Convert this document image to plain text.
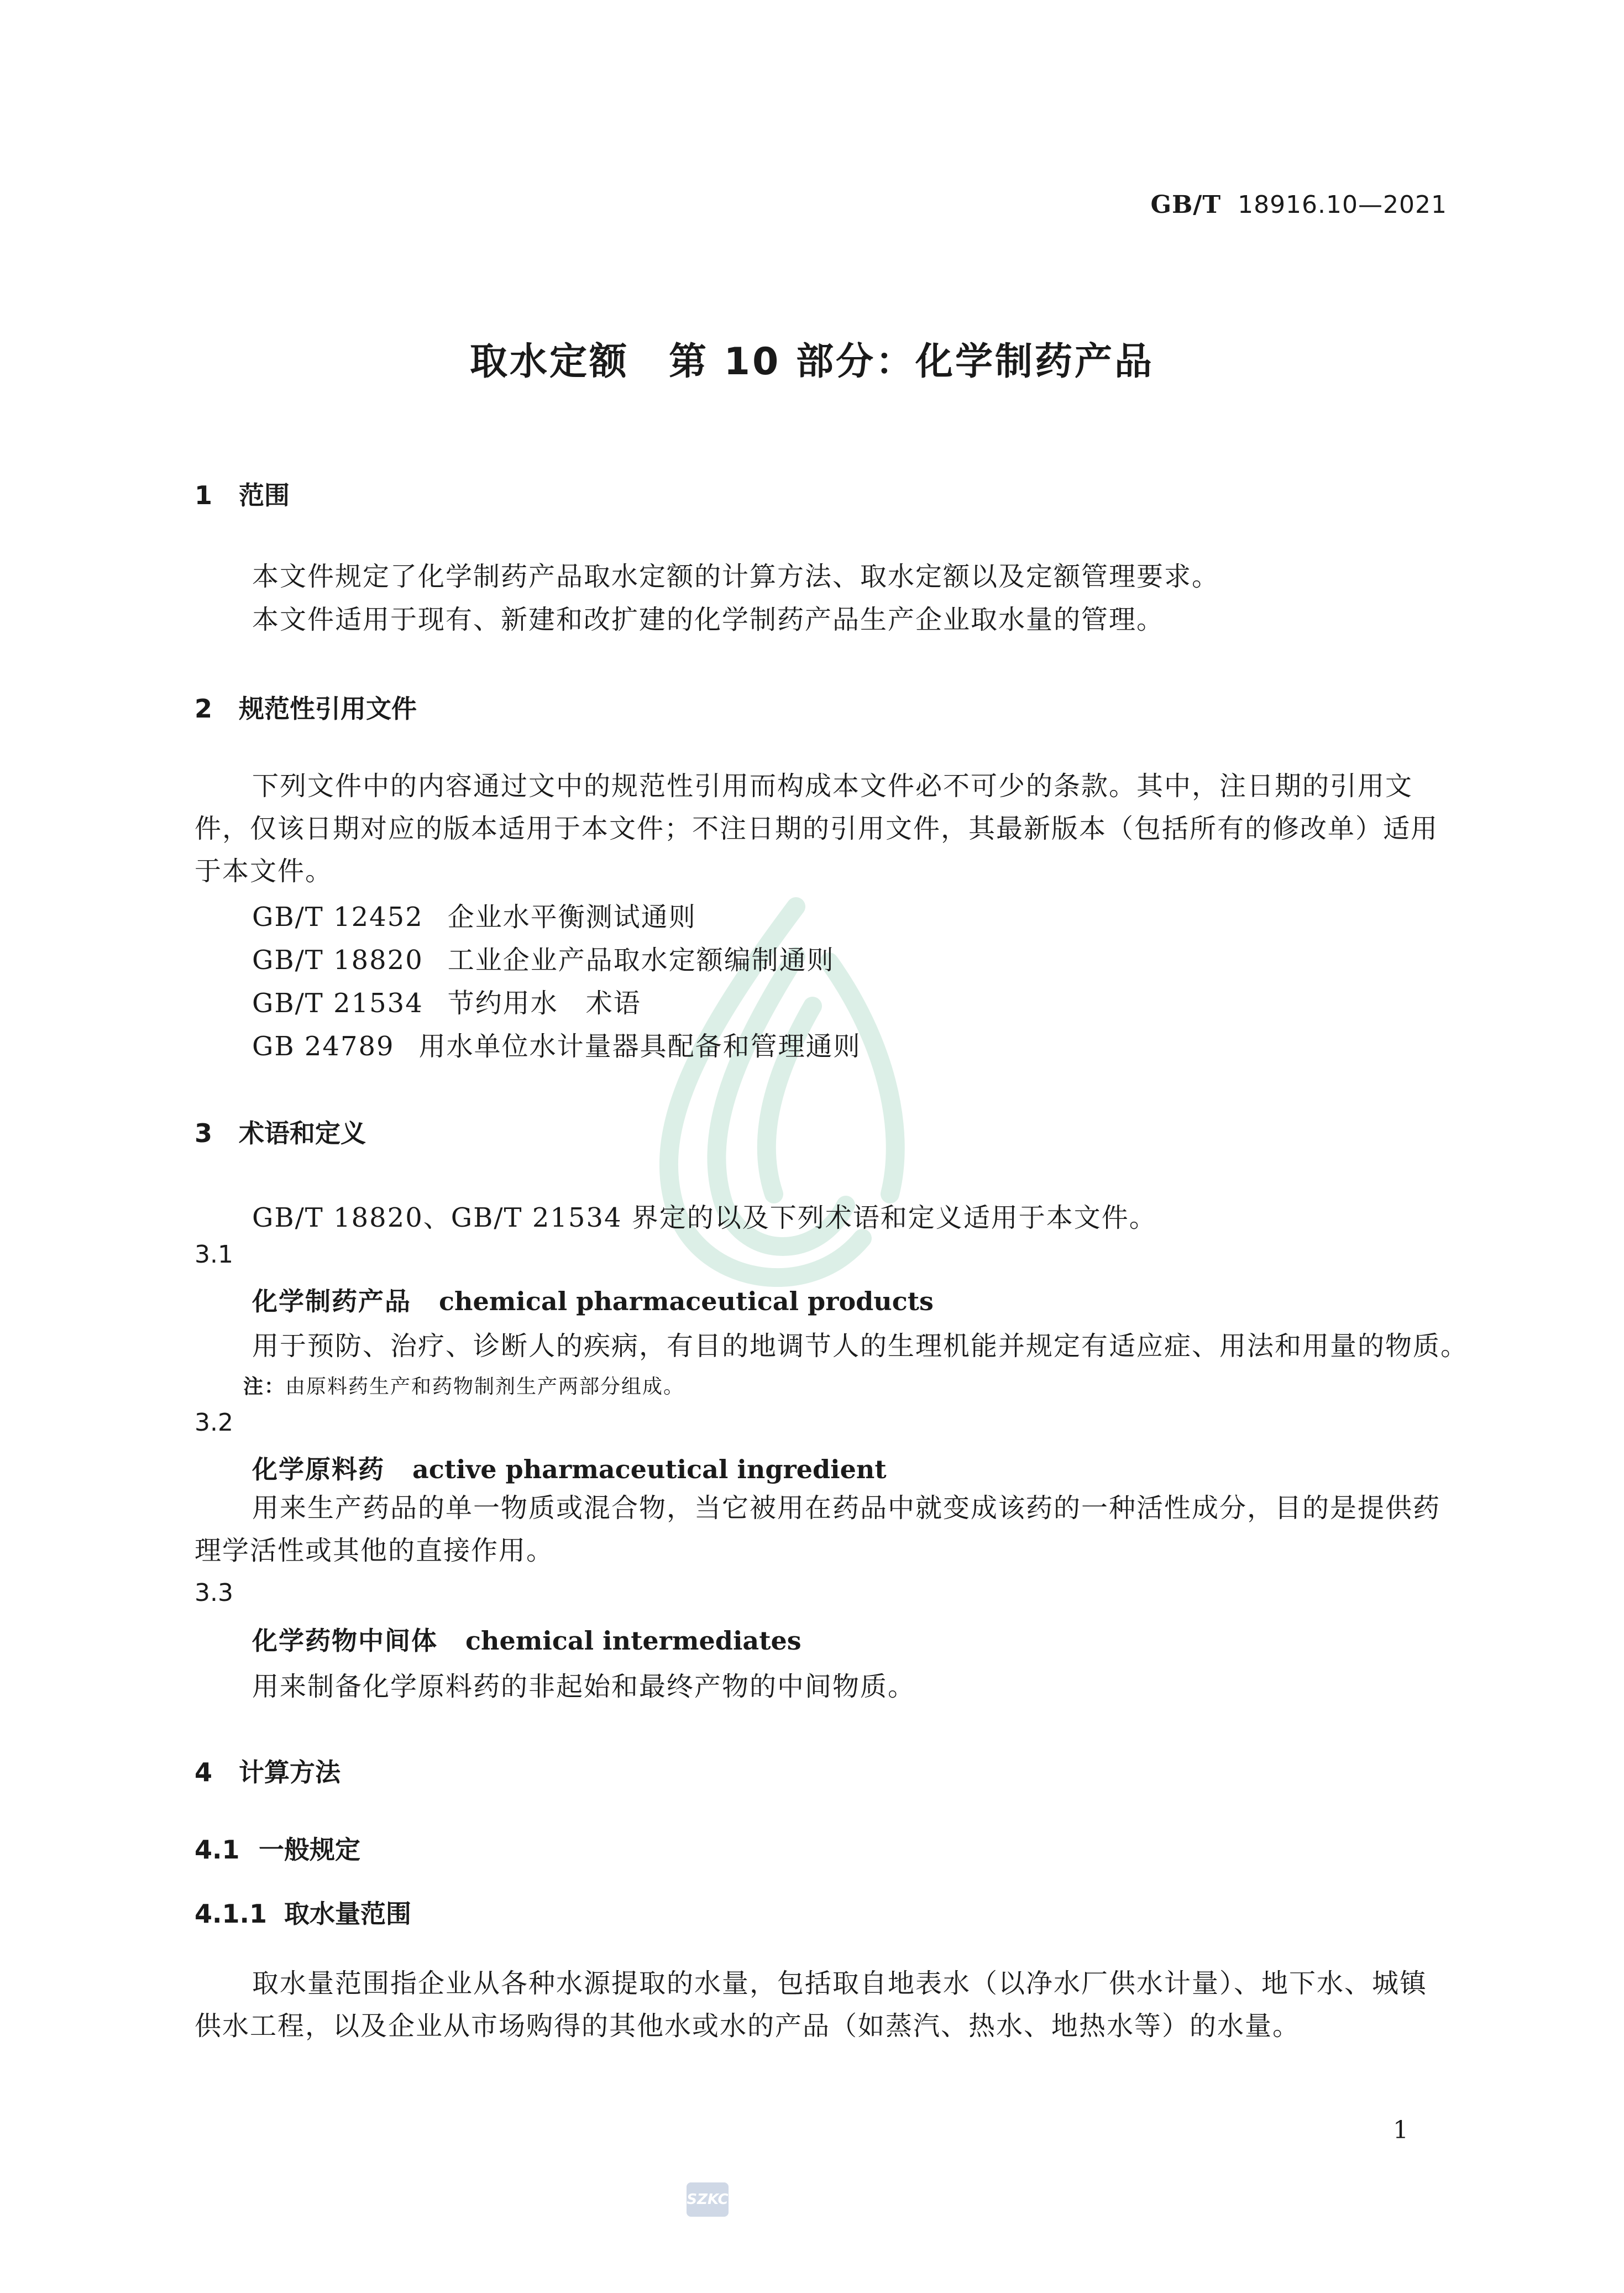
GB/T 18916.10—2021
取水定额　第 10 部分：化学制药产品
1 范围
本文件规定了化学制药产品取水定额的计算方法、取水定额以及定额管理要求。
本文件适用于现有、新建和改扩建的化学制药产品生产企业取水量的管理。
2 规范性引用文件
下列文件中的内容通过文中的规范性引用而构成本文件必不可少的条款。其中，注日期的引用文件，仅该日期对应的版本适用于本文件；不注日期的引用文件，其最新版本（包括所有的修改单）适用于本文件。
GB/T 12452 企业水平衡测试通则
GB/T 18820 工业企业产品取水定额编制通则
GB/T 21534 节约用水　术语
GB 24789 用水单位水计量器具配备和管理通则
3 术语和定义
GB/T 18820、GB/T 21534 界定的以及下列术语和定义适用于本文件。
3.1
化学制药产品 chemical pharmaceutical products
用于预防、治疗、诊断人的疾病，有目的地调节人的生理机能并规定有适应症、用法和用量的物质。
注：由原料药生产和药物制剂生产两部分组成。
3.2
化学原料药 active pharmaceutical ingredient
用来生产药品的单一物质或混合物，当它被用在药品中就变成该药的一种活性成分，目的是提供药理学活性或其他的直接作用。
3.3
化学药物中间体 chemical intermediates
用来制备化学原料药的非起始和最终产物的中间物质。
4 计算方法
4.1 一般规定
4.1.1 取水量范围
取水量范围指企业从各种水源提取的水量，包括取自地表水（以净水厂供水计量）、地下水、城镇供水工程，以及企业从市场购得的其他水或水的产品（如蒸汽、热水、地热水等）的水量。
1
SZKC
